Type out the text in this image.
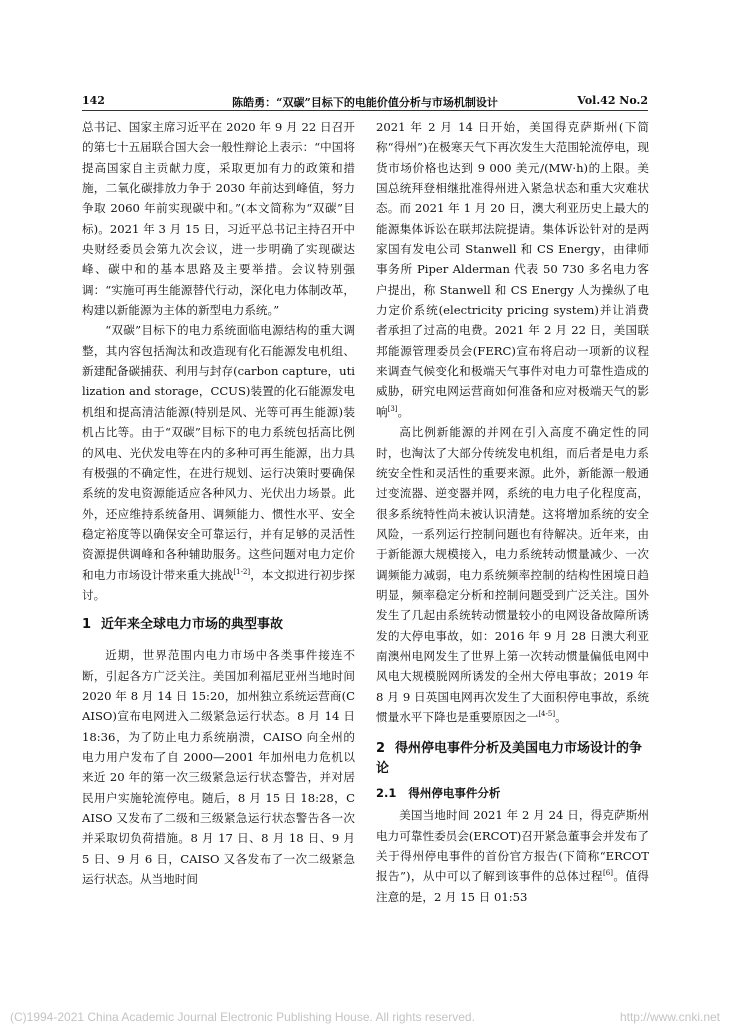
142	陈皓勇：“双碳”目标下的电能价值分析与市场机制设计	Vol.42 No.2

总书记、国家主席习近平在 2020 年 9 月 22 日召开的第七十五届联合国大会一般性辩论上表示：“中国将提高国家自主贡献力度，采取更加有力的政策和措施，二氧化碳排放力争于 2030 年前达到峰值，努力争取 2060 年前实现碳中和。”(本文简称为“双碳”目标)。2021 年 3 月 15 日，习近平总书记主持召开中央财经委员会第九次会议，进一步明确了实现碳达峰、碳中和的基本思路及主要举措。会议特别强调：“实施可再生能源替代行动，深化电力体制改革，构建以新能源为主体的新型电力系统。”

“双碳”目标下的电力系统面临电源结构的重大调整，其内容包括淘汰和改造现有化石能源发电机组、新建配备碳捕获、利用与封存(carbon capture，utilization and storage，CCUS)装置的化石能源发电机组和提高清洁能源(特别是风、光等可再生能源)装机占比等。由于“双碳”目标下的电力系统包括高比例的风电、光伏发电等在内的多种可再生能源，出力具有极强的不确定性，在进行规划、运行决策时要确保系统的发电资源能适应各种风力、光伏出力场景。此外，还应维持系统备用、调频能力、惯性水平、安全稳定裕度等以确保安全可靠运行，并有足够的灵活性资源提供调峰和各种辅助服务。这些问题对电力定价和电力市场设计带来重大挑战[1-2]，本文拟进行初步探讨。

1 近年来全球电力市场的典型事故

近期，世界范围内电力市场中各类事件接连不断，引起各方广泛关注。美国加利福尼亚州当地时间 2020 年 8 月 14 日 15:20，加州独立系统运营商(CAISO)宣布电网进入二级紧急运行状态。8 月 14 日 18:36，为了防止电力系统崩溃，CAISO 向全州的电力用户发布了自 2000—2001 年加州电力危机以来近 20 年的第一次三级紧急运行状态警告，并对居民用户实施轮流停电。随后，8 月 15 日 18:28，CAISO 又发布了二级和三级紧急运行状态警告各一次并采取切负荷措施。8 月 17 日、8 月 18 日、9 月 5 日、9 月 6 日，CAISO 又各发布了一次二级紧急运行状态。从当地时间

2021 年 2 月 14 日开始，美国得克萨斯州(下简称“得州”)在极寒天气下再次发生大范围轮流停电，现货市场价格也达到 9 000 美元/(MW·h)的上限。美国总统拜登相继批准得州进入紧急状态和重大灾难状态。而 2021 年 1 月 20 日，澳大利亚历史上最大的能源集体诉讼在联邦法院提请。集体诉讼针对的是两家国有发电公司 Stanwell 和 CS Energy，由律师事务所 Piper Alderman 代表 50 730 多名电力客户提出，称 Stanwell 和 CS Energy 人为操纵了电力定价系统(electricity pricing system)并让消费者承担了过高的电费。2021 年 2 月 22 日，美国联邦能源管理委员会(FERC)宣布将启动一项新的议程来调查气候变化和极端天气事件对电力可靠性造成的威胁，研究电网运营商如何准备和应对极端天气的影响[3]。

高比例新能源的并网在引入高度不确定性的同时，也淘汰了大部分传统发电机组，而后者是电力系统安全性和灵活性的重要来源。此外，新能源一般通过变流器、逆变器并网，系统的电力电子化程度高，很多系统特性尚未被认识清楚。这将增加系统的安全风险，一系列运行控制问题也有待解决。近年来，由于新能源大规模接入，电力系统转动惯量减少、一次调频能力减弱，电力系统频率控制的结构性困境日趋明显，频率稳定分析和控制问题受到广泛关注。国外发生了几起由系统转动惯量较小的电网设备故障所诱发的大停电事故，如：2016 年 9 月 28 日澳大利亚南澳州电网发生了世界上第一次转动惯量偏低电网中风电大规模脱网所诱发的全州大停电事故；2019 年 8 月 9 日英国电网再次发生了大面积停电事故，系统惯量水平下降也是重要原因之一[4-5]。

2 得州停电事件分析及美国电力市场设计的争论
2.1 得州停电事件分析

美国当地时间 2021 年 2 月 24 日，得克萨斯州电力可靠性委员会(ERCOT)召开紧急董事会并发布了关于得州停电事件的首份官方报告(下简称“ERCOT 报告”)，从中可以了解到该事件的总体过程[6]。值得注意的是，2 月 15 日 01:53

(C)1994-2021 China Academic Journal Electronic Publishing House. All rights reserved.	http://www.cnki.net
